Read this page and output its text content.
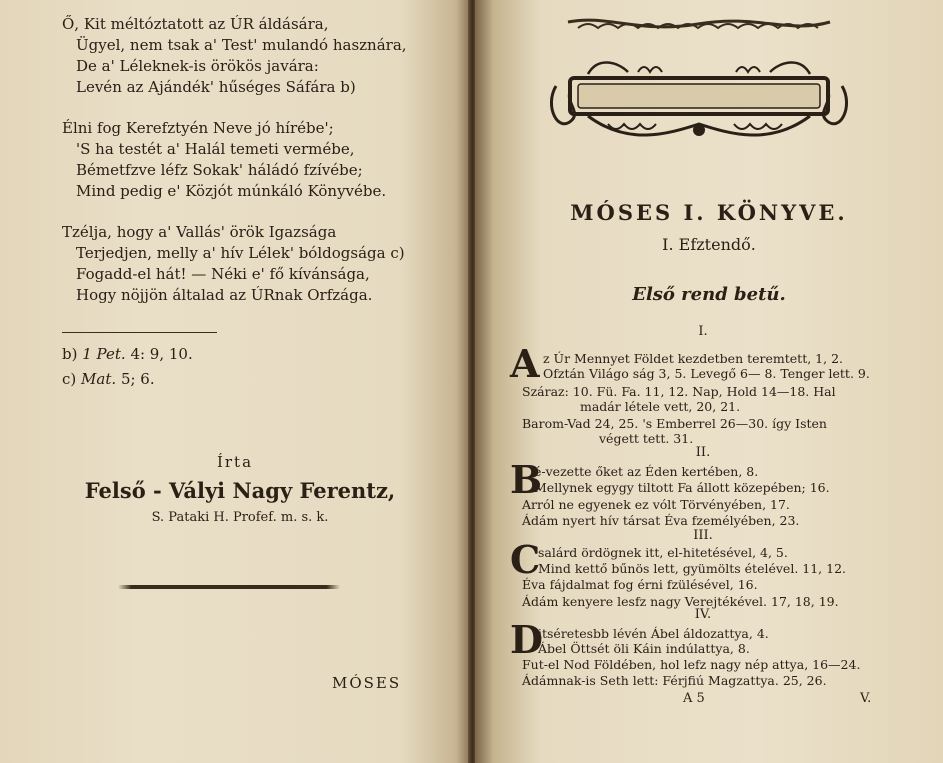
Ő, Kit méltóztatott az ÚR áldására,
Ügyel, nem tsak a' Test' mulandó hasznára,
De a' Léleknek-is örökös javára:
Levén az Ajándék' hűséges Sáfára b)
Élni fog Kerefztyén Neve jó hírébe';
'S ha testét a' Halál temeti vermébe,
Bémetfzve léfz Sokak' háládó fzívébe;
Mind pedig e' Közjót múnkáló Könyvébe.
Tzélja, hogy a' Vallás' örök Igazsága
Terjedjen, melly a' hív Lélek' bóldogsága c)
Fogadd-el hát! — Néki e' fő kívánsága,
Hogy nöjjön általad az ÚRnak Orfzága.
b) 1 Pet. 4: 9, 10.
c) Mat. 5; 6.
Írta
Felső - Vályi Nagy Ferentz,
S. Pataki H. Profef. m. s. k.
MÓSES
MÓSES I. KÖNYVE.
I. Efztendő.
Első rend betű.
I.
A z Úr Mennyet Földet kezdetben teremtett, 1, 2.
Ofztán Világo ság 3, 5. Levegő 6— 8. Tenger lett. 9.
Száraz: 10. Fü. Fa. 11, 12. Nap, Hold 14—18. Hal
madár létele vett, 20, 21.
Barom-Vad 24, 25. 's Emberrel 26—30. így Isten
végett tett. 31.
II.
B
é-vezette őket az Éden kertében, 8.
Mellynek egygy tiltott Fa állott közepében; 16.
Arról ne egyenek ez vólt Törvényében, 17.
Ádám nyert hív társat Éva fzemélyében, 23.
III.
C
salárd ördögnek itt, el-hitetésével, 4, 5.
Mind kettő bűnös lett, gyümölts ételével. 11, 12.
Éva fájdalmat fog érni fzülésével, 16.
Ádám kenyere lesfz nagy Verejtékével. 17, 18, 19.
IV.
D
itséretesbb lévén Ábel áldozattya, 4.
Ábel Öttsét öli Káin indúlattya, 8.
Fut-el Nod Földében, hol lefz nagy nép attya, 16—24.
Ádámnak-is Seth lett: Férjfiú Magzattya. 25, 26.
A 5	V.
